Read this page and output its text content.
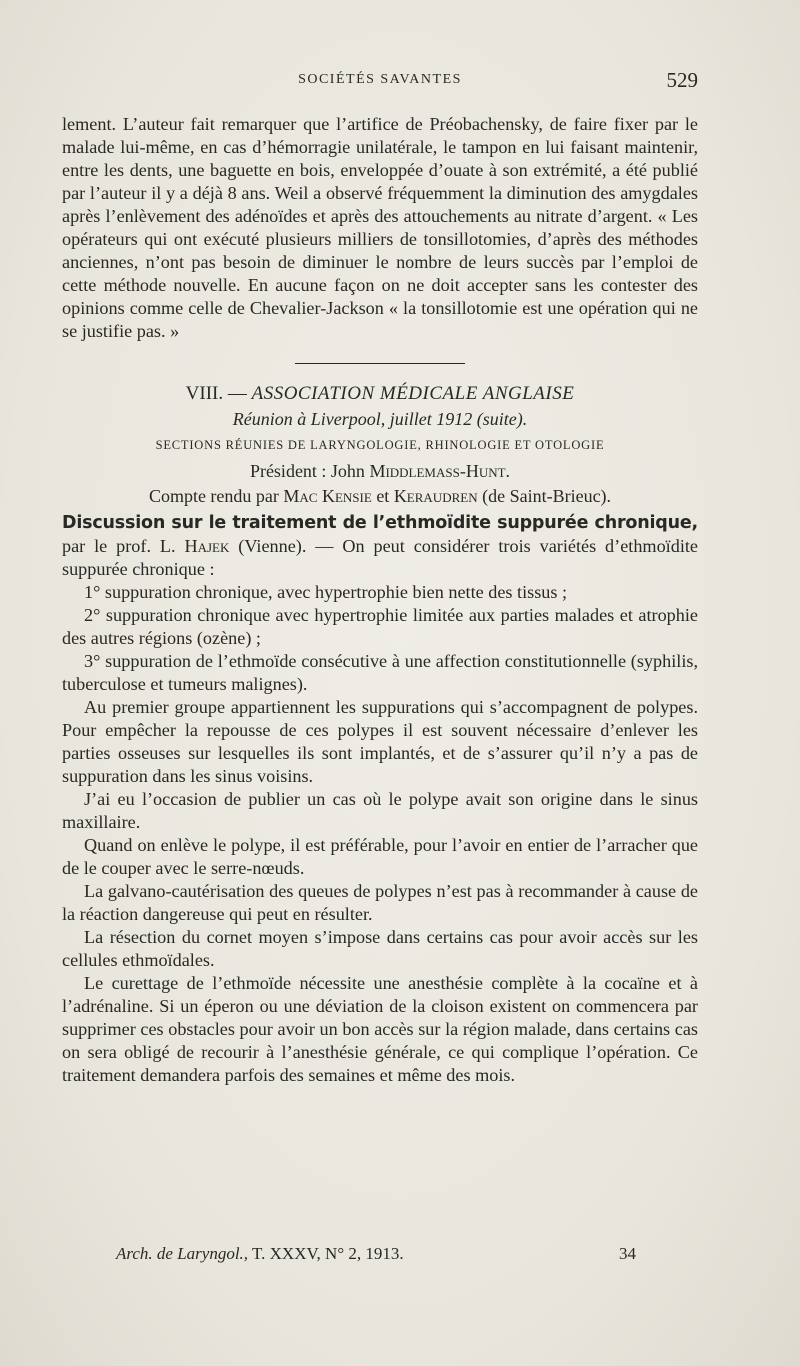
SOCIÉTÉS SAVANTES	529

lement. L’auteur fait remarquer que l’artifice de Préobachensky, de faire fixer par le malade lui-même, en cas d’hémorragie unilatérale, le tampon en lui faisant maintenir, entre les dents, une baguette en bois, enveloppée d’ouate à son extrémité, a été publié par l’auteur il y a déjà 8 ans. Weil a observé fréquemment la diminution des amygdales après l’enlèvement des adénoïdes et après des attouchements au nitrate d’argent. « Les opérateurs qui ont exécuté plusieurs milliers de tonsillotomies, d’après des méthodes anciennes, n’ont pas besoin de diminuer le nombre de leurs succès par l’emploi de cette méthode nouvelle. En aucune façon on ne doit accepter sans les contester des opinions comme celle de Chevalier-Jackson « la tonsillotomie est une opération qui ne se justifie pas. »

VIII. — ASSOCIATION MÉDICALE ANGLAISE
Réunion à Liverpool, juillet 1912 (suite).
SECTIONS RÉUNIES DE LARYNGOLOGIE, RHINOLOGIE ET OTOLOGIE
Président : John Middlemass-Hunt.
Compte rendu par Mac Kensie et Keraudren (de Saint-Brieuc).

Discussion sur le traitement de l’ethmoïdite suppurée chronique, par le prof. L. Hajek (Vienne). — On peut considérer trois variétés d’ethmoïdite suppurée chronique :

1° suppuration chronique, avec hypertrophie bien nette des tissus ;

2° suppuration chronique avec hypertrophie limitée aux parties malades et atrophie des autres régions (ozène) ;

3° suppuration de l’ethmoïde consécutive à une affection constitutionnelle (syphilis, tuberculose et tumeurs malignes).

Au premier groupe appartiennent les suppurations qui s’accompagnent de polypes. Pour empêcher la repousse de ces polypes il est souvent nécessaire d’enlever les parties osseuses sur lesquelles ils sont implantés, et de s’assurer qu’il n’y a pas de suppuration dans les sinus voisins.

J’ai eu l’occasion de publier un cas où le polype avait son origine dans le sinus maxillaire.

Quand on enlève le polype, il est préférable, pour l’avoir en entier de l’arracher que de le couper avec le serre-nœuds.

La galvano-cautérisation des queues de polypes n’est pas à recommander à cause de la réaction dangereuse qui peut en résulter.

La résection du cornet moyen s’impose dans certains cas pour avoir accès sur les cellules ethmoïdales.

Le curettage de l’ethmoïde nécessite une anesthésie complète à la cocaïne et à l’adrénaline. Si un éperon ou une déviation de la cloison existent on commencera par supprimer ces obstacles pour avoir un bon accès sur la région malade, dans certains cas on sera obligé de recourir à l’anesthésie générale, ce qui complique l’opération. Ce traitement demandera parfois des semaines et même des mois.

Arch. de Laryngol., T. XXXV, N° 2, 1913.	34
